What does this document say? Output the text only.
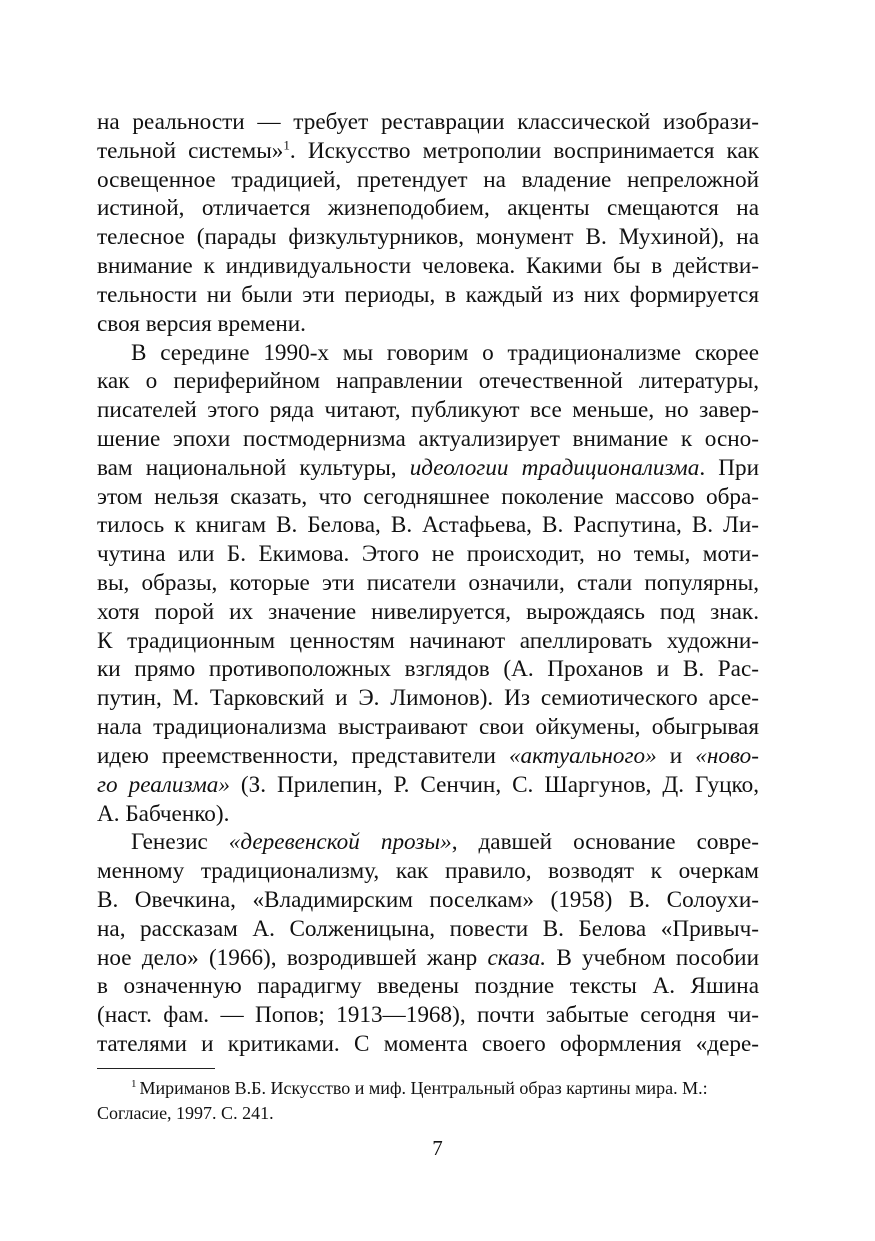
на реальности — требует реставрации классической изобрази-
тельной системы»$^1$. Искусство метрополии воспринимается как
освещенное традицией, претендует на владение непреложной
истиной, отличается жизнеподобием, акценты смещаются на
телесное (парады физкультурников, монумент В. Мухиной), на
внимание к индивидуальности человека. Какими бы в действи-
тельности ни были эти периоды, в каждый из них формируется
своя версия времени.
В середине 1990-х мы говорим о традиционализме скорее
как о периферийном направлении отечественной литературы,
писателей этого ряда читают, публикуют все меньше, но завер-
шение эпохи постмодернизма актуализирует внимание к осно-
вам национальной культуры, идеологии традиционализма. При
этом нельзя сказать, что сегодняшнее поколение массово обра-
тилось к книгам В. Белова, В. Астафьева, В. Распутина, В. Ли-
чутина или Б. Екимова. Этого не происходит, но темы, моти-
вы, образы, которые эти писатели означили, стали популярны,
хотя порой их значение нивелируется, вырождаясь под знак.
К традиционным ценностям начинают апеллировать художни-
ки прямо противоположных взглядов (А. Проханов и В. Рас-
путин, М. Тарковский и Э. Лимонов). Из семиотического арсе-
нала традиционализма выстраивают свои ойкумены, обыгрывая
идею преемственности, представители «актуального» и «ново-
го реализма» (З. Прилепин, Р. Сенчин, С. Шаргунов, Д. Гуцко,
А. Бабченко).
Генезис «деревенской прозы», давшей основание совре-
менному традиционализму, как правило, возводят к очеркам
В. Овечкина, «Владимирским поселкам» (1958) В. Солоухи-
на, рассказам А. Солженицына, повести В. Белова «Привыч-
ное дело» (1966), возродившей жанр сказа. В учебном пособии
в означенную парадигму введены поздние тексты А. Яшина
(наст. фам. — Попов; 1913—1968), почти забытые сегодня чи-
тателями и критиками. С момента своего оформления «дере-
$^1$ Мириманов В.Б. Искусство и миф. Центральный образ картины мира. М.:
Согласие, 1997. С. 241.
7
